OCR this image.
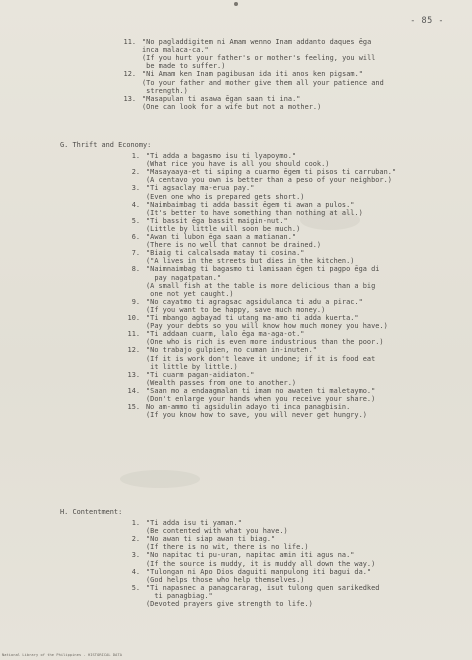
- 85 -
11. "No pagladdigitem ni Amam wenno Inam addanto daques ēga
inca malaca-ca."
(If you hurt your father's or mother's feeling, you will
be made to suffer.)
12. "Ni Amam ken Inam pagibusan ida iti anos ken pigsam."
(To your father and mother give them all your patience and
strength.)
13. "Masapulan ti asawa ēgan saan ti ina."
(One can look for a wife but not a mother.)
G. Thrift and Economy:
1. "Ti adda a bagasmo isu ti lyapoymo."
(What rice you have is all you should cook.)
2. "Masayaaya-et ti siping a cuarmo ēgem ti pisos ti carruban."
(A centavo you own is better than a peso of your neighbor.)
3. "Ti agsaclay ma-erua pay."
(Even one who is prepared gets short.)
4. "Naimbaimbag ti adda bassit ēgem ti awan a pulos."
(It's better to have something than nothing at all.)
5. "Ti bassit ēga bassit maigin-nut."
(Little by little will soon be much.)
6. "Awan ti lubon ēga saan a matianan."
(There is no well that cannot be drained.)
7. "Biaig ti calcalsada matay ti cosina."
("A lives in the streets but dies in the kitchen.)
8. "Naimnaimbag ti bagasmo ti lamisaan ēgen ti pagpo ēga di
pay nagatpatan."
(A small fish at the table is more delicious than a big
one not yet caught.)
9. "No cayatmo ti agragsac agsidulanca ti adu a pirac."
(If you want to be happy, save much money.)
10. "Ti mbango agbayad ti utang ma-amo ti adda kuerta."
(Pay your debts so you will know how much money you have.)
11. "Ti addaan cuarm, lalo ēga ma-aga-ot."
(One who is rich is even more industrious than the poor.)
12. "No trabajo gulpien, no cuman in-inuten."
(If it is work don't leave it undone; if it is food eat
it little by little.)
13. "Ti cuarm pagan-aidiaton."
(Wealth passes from one to another.)
14. "Saan mo a endaagmalan ti imam no awaten ti maletaymo."
(Don't enlarge your hands when you receive your share.)
15. No am-ammo ti agsidulin adayo ti inca panagbisin.
(If you know how to save, you will never get hungry.)
H. Contentment:
1. "Ti adda isu ti yaman."
(Be contented with what you have.)
2. "No awan ti siap awan ti biag."
(If there is no wit, there is no life.)
3. "No napitac ti pu-uran, napitac amin iti agus na."
(If the source is muddy, it is muddy all down the way.)
4. "Tulongan ni Apo Dios daguiti manpulong iti bagui da."
(God helps those who help themselves.)
5. "Ti napasnec a panagcararag, isut tulong quen sarikedked
ti panagbiag."
(Devoted prayers give strength to life.)
National Library of the Philippines - HISTORICAL DATA
